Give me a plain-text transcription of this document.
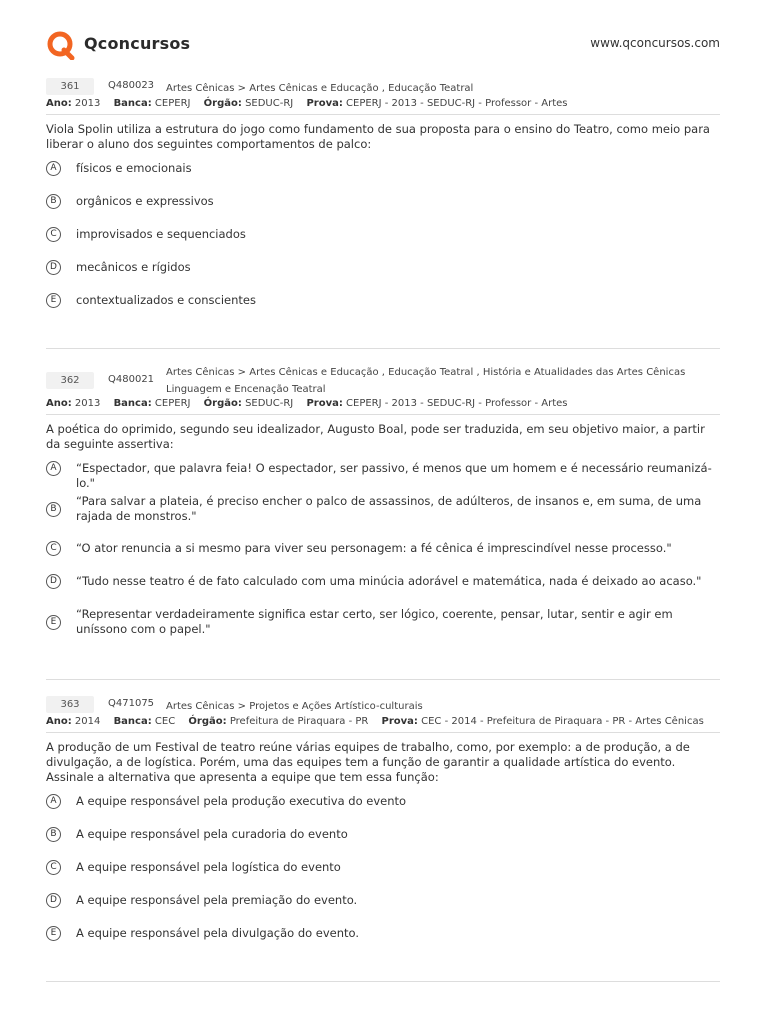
Qconcursos	www.qconcursos.com
361	Q480023 Artes Cênicas > Artes Cênicas e Educação , Educação Teatral
Ano: 2013 Banca: CEPERJ Órgão: SEDUC-RJ Prova: CEPERJ - 2013 - SEDUC-RJ - Professor - Artes
Viola Spolin utiliza a estrutura do jogo como fundamento de sua proposta para o ensino do Teatro, como meio para liberar o aluno dos seguintes comportamentos de palco:
A	físicos e emocionais
B	orgânicos e expressivos
C	improvisados e sequenciados
D	mecânicos e rígidos
E	contextualizados e conscientes
362	Q480021
Artes Cênicas > Artes Cênicas e Educação , Educação Teatral , História e Atualidades das Artes Cênicas
Linguagem e Encenação Teatral
Ano: 2013 Banca: CEPERJ Órgão: SEDUC-RJ Prova: CEPERJ - 2013 - SEDUC-RJ - Professor - Artes
A poética do oprimido, segundo seu idealizador, Augusto Boal, pode ser traduzida, em seu objetivo maior, a partir da seguinte assertiva:
A	“Espectador, que palavra feia! O espectador, ser passivo, é menos que um homem e é necessário reumanizá-lo."
B
“Para salvar a plateia, é preciso encher o palco de assassinos, de adúlteros, de insanos e, em suma, de uma rajada de monstros."
C	“O ator renuncia a si mesmo para viver seu personagem: a fé cênica é imprescindível nesse processo."
D	“Tudo nesse teatro é de fato calculado com uma minúcia adorável e matemática, nada é deixado ao acaso."
E
“Representar verdadeiramente significa estar certo, ser lógico, coerente, pensar, lutar, sentir e agir em uníssono com o papel."
363	Q471075 Artes Cênicas > Projetos e Ações Artístico-culturais
Ano: 2014 Banca: CEC Órgão: Prefeitura de Piraquara - PR Prova: CEC - 2014 - Prefeitura de Piraquara - PR - Artes Cênicas
A produção de um Festival de teatro reúne várias equipes de trabalho, como, por exemplo: a de produção, a de divulgação, a de logística. Porém, uma das equipes tem a função de garantir a qualidade artística do evento. Assinale a alternativa que apresenta a equipe que tem essa função:
A	A equipe responsável pela produção executiva do evento
B	A equipe responsável pela curadoria do evento
C	A equipe responsável pela logística do evento
D	A equipe responsável pela premiação do evento.
E	A equipe responsável pela divulgação do evento.
